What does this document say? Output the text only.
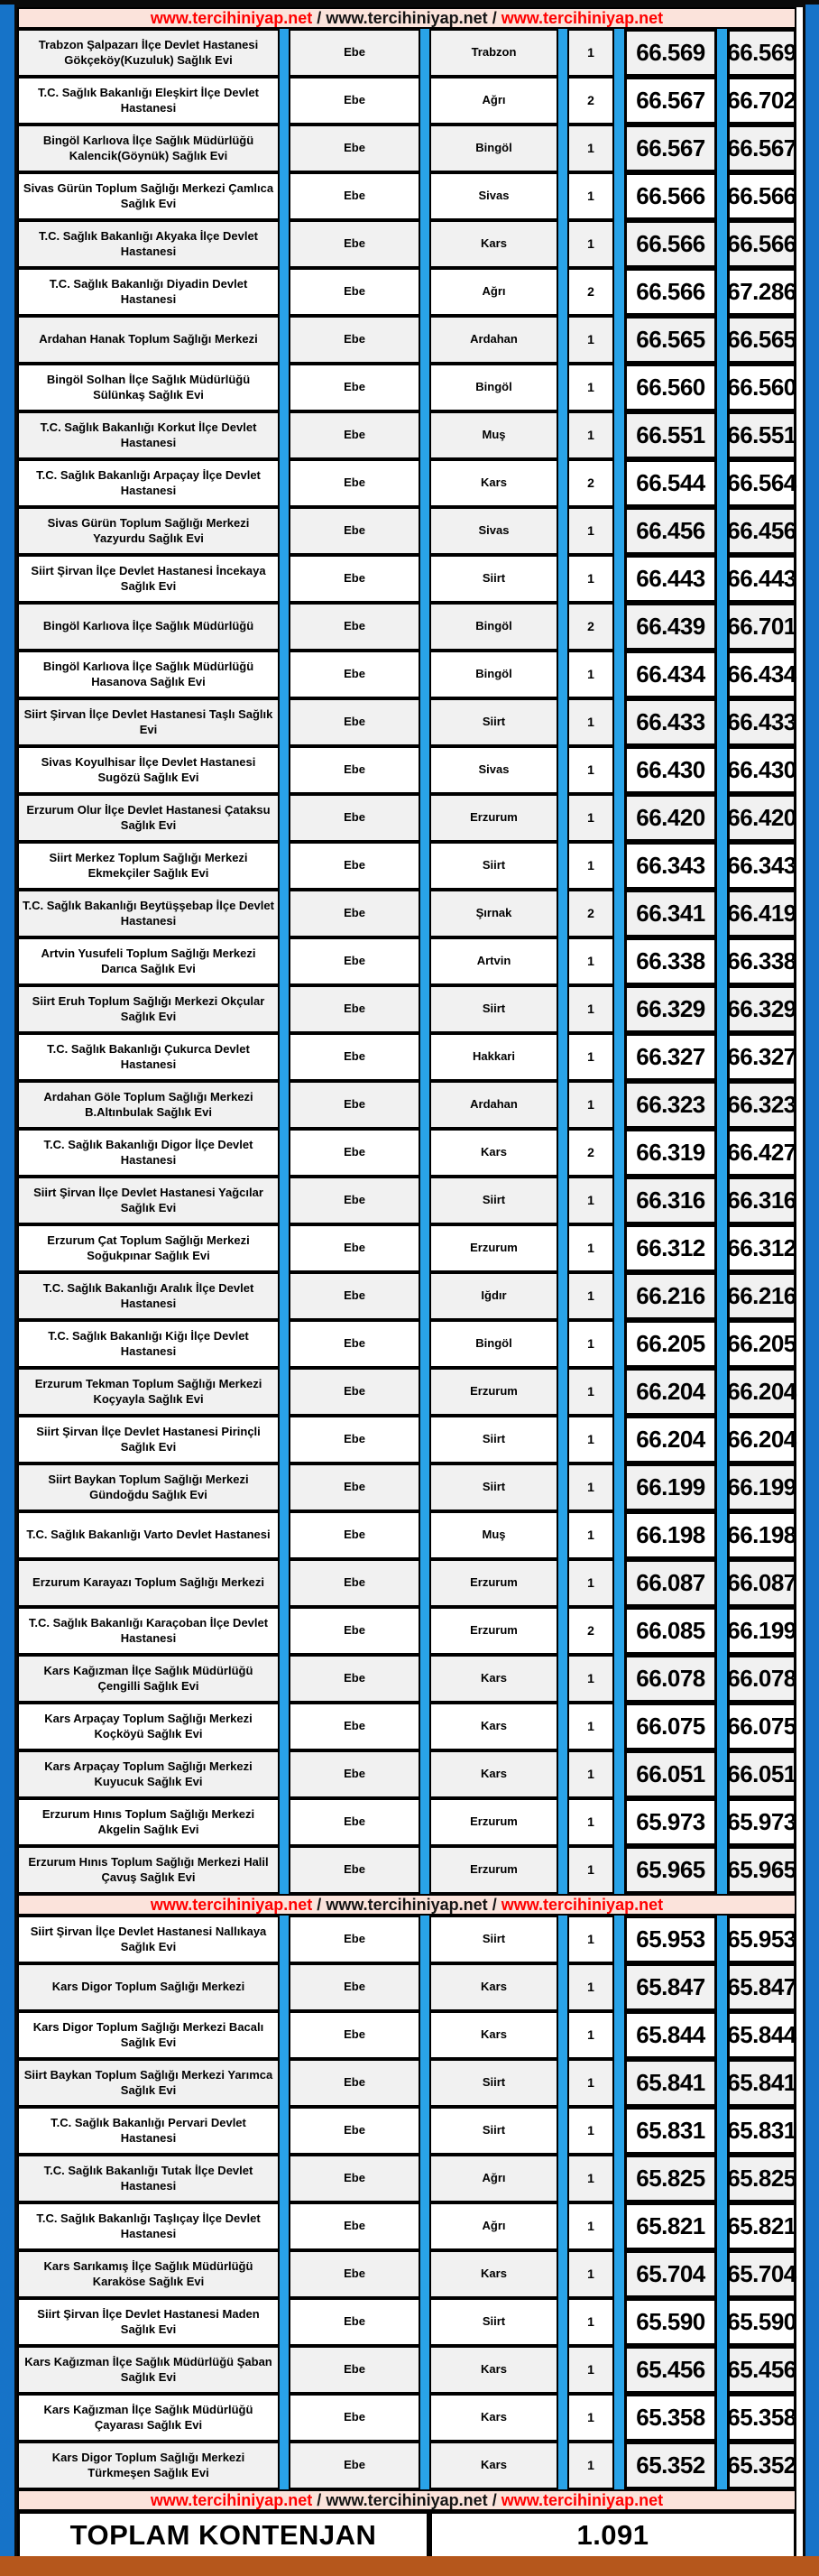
www.tercihiniyap.net / www.tercihiniyap.net / www.tercihiniyap.net
Trabzon Şalpazarı İlçe Devlet Hastanesi Gökçeköy(Kuzuluk) Sağlık Evi
Ebe	Trabzon	1	66.569 66.569
T.C. Sağlık Bakanlığı Eleşkirt İlçe Devlet Hastanesi
Ebe	Ağrı	2	66.567 66.702
Bingöl Karlıova İlçe Sağlık Müdürlüğü Kalencik(Göynük) Sağlık Evi
Ebe	Bingöl	1	66.567 66.567
Sivas Gürün Toplum Sağlığı Merkezi Çamlıca Sağlık Evi
Ebe	Sivas	1	66.566 66.566
T.C. Sağlık Bakanlığı Akyaka İlçe Devlet Hastanesi
Ebe	Kars	1	66.566 66.566
T.C. Sağlık Bakanlığı Diyadin Devlet Hastanesi
Ebe	Ağrı	2	66.566 67.286
Ardahan Hanak Toplum Sağlığı Merkezi	Ebe	Ardahan	1	66.565 66.565
Bingöl Solhan İlçe Sağlık Müdürlüğü Sülünkaş Sağlık Evi
Ebe	Bingöl	1	66.560 66.560
T.C. Sağlık Bakanlığı Korkut İlçe Devlet Hastanesi
Ebe	Muş	1	66.551 66.551
T.C. Sağlık Bakanlığı Arpaçay İlçe Devlet Hastanesi
Ebe	Kars	2	66.544 66.564
Sivas Gürün Toplum Sağlığı Merkezi Yazyurdu Sağlık Evi
Ebe	Sivas	1	66.456 66.456
Siirt Şirvan İlçe Devlet Hastanesi İncekaya Sağlık Evi
Ebe	Siirt	1	66.443 66.443
Bingöl Karlıova İlçe Sağlık Müdürlüğü	Ebe	Bingöl	2	66.439 66.701
Bingöl Karlıova İlçe Sağlık Müdürlüğü Hasanova Sağlık Evi
Ebe	Bingöl	1	66.434 66.434
Siirt Şirvan İlçe Devlet Hastanesi Taşlı Sağlık Evi
Ebe	Siirt	1	66.433 66.433
Sivas Koyulhisar İlçe Devlet Hastanesi Sugözü Sağlık Evi
Ebe	Sivas	1	66.430 66.430
Erzurum Olur İlçe Devlet Hastanesi Çataksu Sağlık Evi
Ebe	Erzurum	1	66.420 66.420
Siirt Merkez Toplum Sağlığı Merkezi Ekmekçiler Sağlık Evi
Ebe	Siirt	1	66.343 66.343
T.C. Sağlık Bakanlığı Beytüşşebap İlçe Devlet Hastanesi
Ebe	Şırnak	2	66.341 66.419
Artvin Yusufeli Toplum Sağlığı Merkezi Darıca Sağlık Evi
Ebe	Artvin	1	66.338 66.338
Siirt Eruh Toplum Sağlığı Merkezi Okçular Sağlık Evi
Ebe	Siirt	1	66.329 66.329
T.C. Sağlık Bakanlığı Çukurca Devlet Hastanesi
Ebe	Hakkari	1	66.327 66.327
Ardahan Göle Toplum Sağlığı Merkezi B.Altınbulak Sağlık Evi
Ebe	Ardahan	1	66.323 66.323
T.C. Sağlık Bakanlığı Digor İlçe Devlet Hastanesi
Ebe	Kars	2	66.319 66.427
Siirt Şirvan İlçe Devlet Hastanesi Yağcılar Sağlık Evi
Ebe	Siirt	1	66.316 66.316
Erzurum Çat Toplum Sağlığı Merkezi Soğukpınar Sağlık Evi
Ebe	Erzurum	1	66.312 66.312
T.C. Sağlık Bakanlığı Aralık İlçe Devlet Hastanesi
Ebe	Iğdır	1	66.216 66.216
T.C. Sağlık Bakanlığı Kiğı İlçe Devlet Hastanesi
Ebe	Bingöl	1	66.205 66.205
Erzurum Tekman Toplum Sağlığı Merkezi Koçyayla Sağlık Evi
Ebe	Erzurum	1	66.204 66.204
Siirt Şirvan İlçe Devlet Hastanesi Pirinçli Sağlık Evi
Ebe	Siirt	1	66.204 66.204
Siirt Baykan Toplum Sağlığı Merkezi Gündoğdu Sağlık Evi
Ebe	Siirt	1	66.199 66.199
T.C. Sağlık Bakanlığı Varto Devlet Hastanesi	Ebe	Muş	1	66.198 66.198
Erzurum Karayazı Toplum Sağlığı Merkezi	Ebe	Erzurum	1	66.087 66.087
T.C. Sağlık Bakanlığı Karaçoban İlçe Devlet Hastanesi
Ebe	Erzurum	2	66.085 66.199
Kars Kağızman İlçe Sağlık Müdürlüğü Çengilli Sağlık Evi
Ebe	Kars	1	66.078 66.078
Kars Arpaçay Toplum Sağlığı Merkezi Koçköyü Sağlık Evi
Ebe	Kars	1	66.075 66.075
Kars Arpaçay Toplum Sağlığı Merkezi Kuyucuk Sağlık Evi
Ebe	Kars	1	66.051 66.051
Erzurum Hınıs Toplum Sağlığı Merkezi Akgelin Sağlık Evi
Ebe	Erzurum	1	65.973 65.973
Erzurum Hınıs Toplum Sağlığı Merkezi Halil Çavuş Sağlık Evi
Ebe	Erzurum	1	65.965 65.965
www.tercihiniyap.net / www.tercihiniyap.net / www.tercihiniyap.net
Siirt Şirvan İlçe Devlet Hastanesi Nallıkaya Sağlık Evi
Ebe	Siirt	1	65.953 65.953
Kars Digor Toplum Sağlığı Merkezi	Ebe	Kars	1	65.847 65.847
Kars Digor Toplum Sağlığı Merkezi Bacalı Sağlık Evi
Ebe	Kars	1	65.844 65.844
Siirt Baykan Toplum Sağlığı Merkezi Yarımca Sağlık Evi
Ebe	Siirt	1	65.841 65.841
T.C. Sağlık Bakanlığı Pervari Devlet Hastanesi
Ebe	Siirt	1	65.831 65.831
T.C. Sağlık Bakanlığı Tutak İlçe Devlet Hastanesi
Ebe	Ağrı	1	65.825 65.825
T.C. Sağlık Bakanlığı Taşlıçay İlçe Devlet Hastanesi
Ebe	Ağrı	1	65.821 65.821
Kars Sarıkamış İlçe Sağlık Müdürlüğü Karaköse Sağlık Evi
Ebe	Kars	1	65.704 65.704
Siirt Şirvan İlçe Devlet Hastanesi Maden Sağlık Evi
Ebe	Siirt	1	65.590 65.590
Kars Kağızman İlçe Sağlık Müdürlüğü Şaban Sağlık Evi
Ebe	Kars	1	65.456 65.456
Kars Kağızman İlçe Sağlık Müdürlüğü Çayarası Sağlık Evi
Ebe	Kars	1	65.358 65.358
Kars Digor Toplum Sağlığı Merkezi Türkmeşen Sağlık Evi
Ebe	Kars	1	65.352 65.352
www.tercihiniyap.net / www.tercihiniyap.net / www.tercihiniyap.net
TOPLAM KONTENJAN	1.091
